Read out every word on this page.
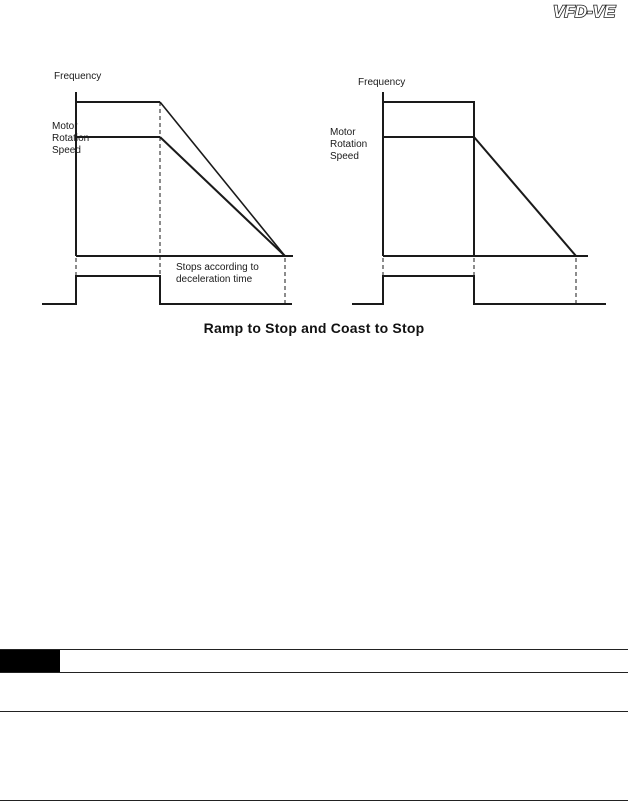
VFD-VE
Frequency
Motor
Rotation
Speed
Stops according to
deceleration time
Frequency
Motor
Rotation
Speed
Ramp to Stop and Coast to Stop
